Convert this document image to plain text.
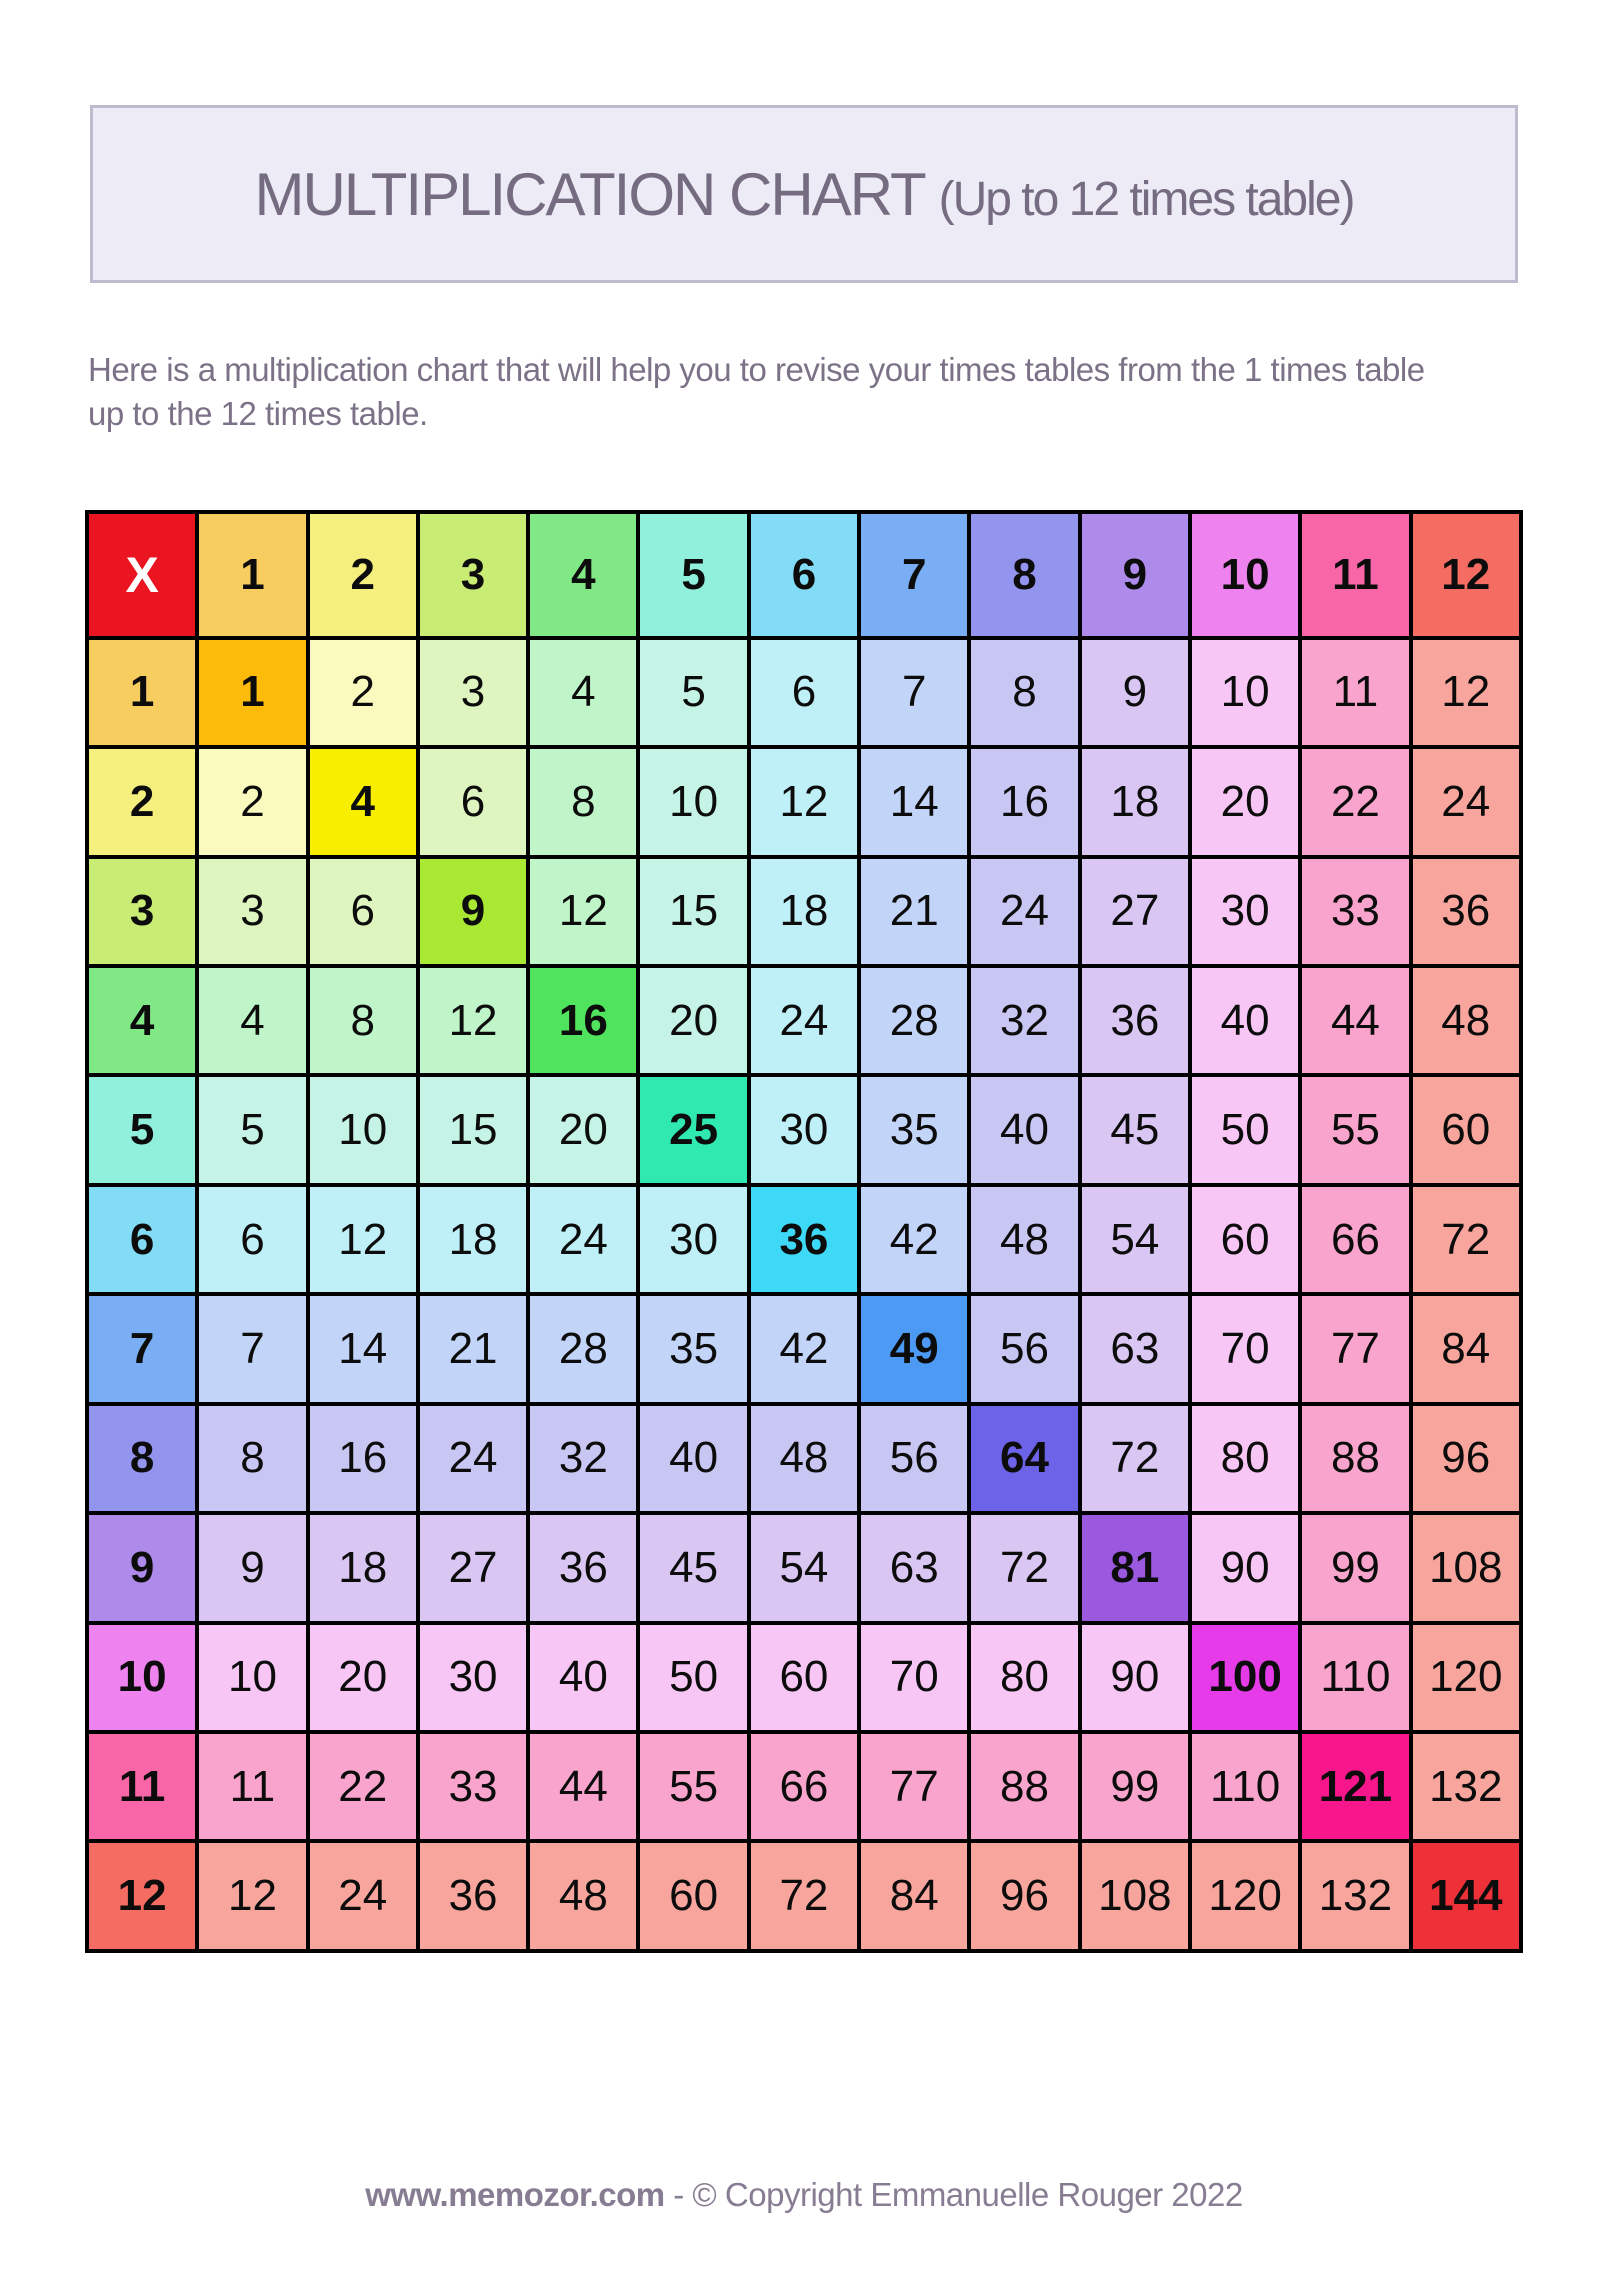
MULTIPLICATION CHART (Up to 12 times table)
Here is a multiplication chart that will help you to revise your times tables from the 1 times table
up to the 12 times table.
X	1	2	3	4	5	6	7	8	9	10	11	12
1	1	2	3	4	5	6	7	8	9	10	11	12
2	2	4	6	8	10	12	14	16	18	20	22	24
3	3	6	9	12	15	18	21	24	27	30	33	36
4	4	8	12	16	20	24	28	32	36	40	44	48
5	5	10	15	20	25	30	35	40	45	50	55	60
6	6	12	18	24	30	36	42	48	54	60	66	72
7	7	14	21	28	35	42	49	56	63	70	77	84
8	8	16	24	32	40	48	56	64	72	80	88	96
9	9	18	27	36	45	54	63	72	81	90	99	108
10	10	20	30	40	50	60	70	80	90	100	110	120
11	11	22	33	44	55	66	77	88	99	110	121	132
12	12	24	36	48	60	72	84	96	108	120	132	144
www.memozor.com - © Copyright Emmanuelle Rouger 2022
